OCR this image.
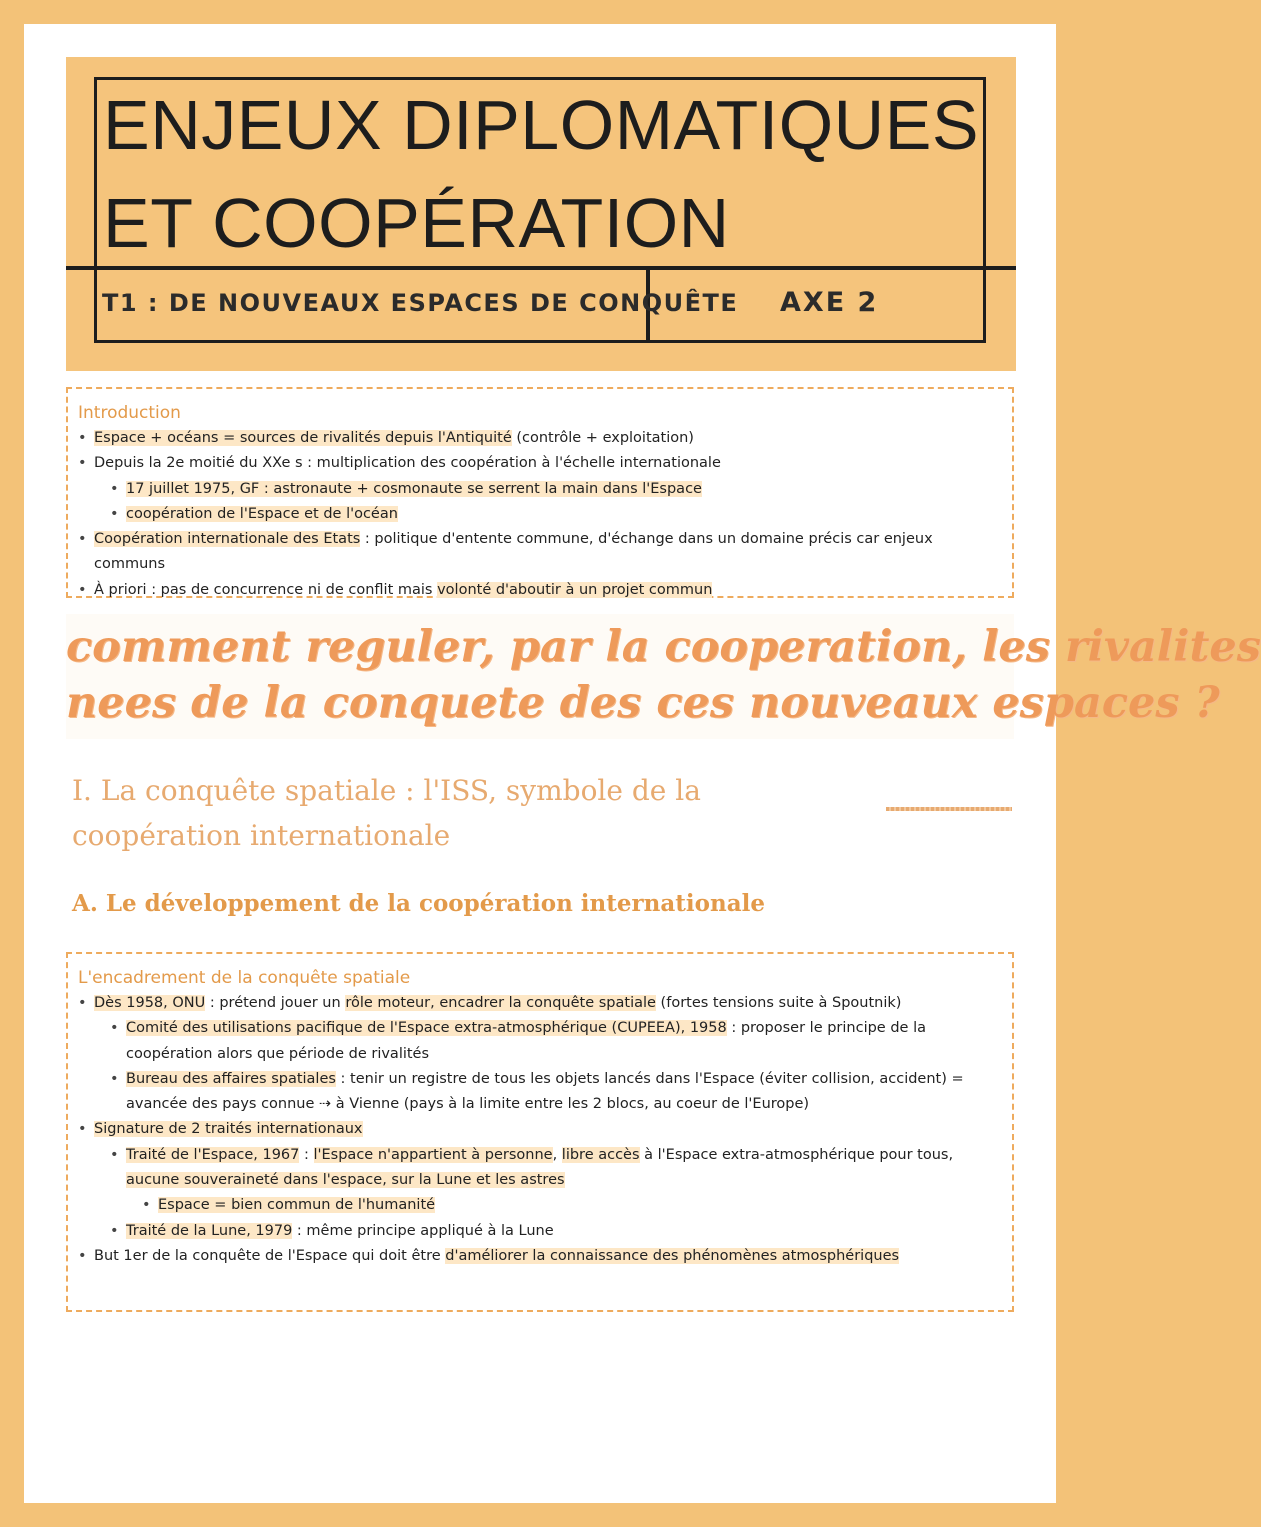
ENJEUX DIPLOMATIQUES
ET COOPÉRATION
T1 : DE NOUVEAUX ESPACES DE CONQUÊTE AXE 2
Introduction
• Espace + océans = sources de rivalités depuis l'Antiquité (contrôle + exploitation)
• Depuis la 2e moitié du XXe s : multiplication des coopération à l'échelle internationale
• 17 juillet 1975, GF : astronaute + cosmonaute se serrent la main dans l'Espace
• coopération de l'Espace et de l'océan
• Coopération internationale des Etats : politique d'entente commune, d'échange dans un domaine précis car enjeux communs
• À priori : pas de concurrence ni de conflit mais volonté d'aboutir à un projet commun
comment reguler, par la cooperation, les rivalites
nees de la conquete des ces nouveaux espaces ?
I. La conquête spatiale : l'ISS, symbole de la coopération internationale
A. Le développement de la coopération internationale
L'encadrement de la conquête spatiale
• Dès 1958, ONU : prétend jouer un rôle moteur, encadrer la conquête spatiale (fortes tensions suite à Spoutnik)
• Comité des utilisations pacifique de l'Espace extra-atmosphérique (CUPEEA), 1958 : proposer le principe de la coopération alors que période de rivalités
• Bureau des affaires spatiales : tenir un registre de tous les objets lancés dans l'Espace (éviter collision, accident) = avancée des pays connue ⇢ à Vienne (pays à la limite entre les 2 blocs, au coeur de l'Europe)
• Signature de 2 traités internationaux
• Traité de l'Espace, 1967 : l'Espace n'appartient à personne, libre accès à l'Espace extra-atmosphérique pour tous, aucune souveraineté dans l'espace, sur la Lune et les astres
• Espace = bien commun de l'humanité
• Traité de la Lune, 1979 : même principe appliqué à la Lune
• But 1er de la conquête de l'Espace qui doit être d'améliorer la connaissance des phénomènes atmosphériques
